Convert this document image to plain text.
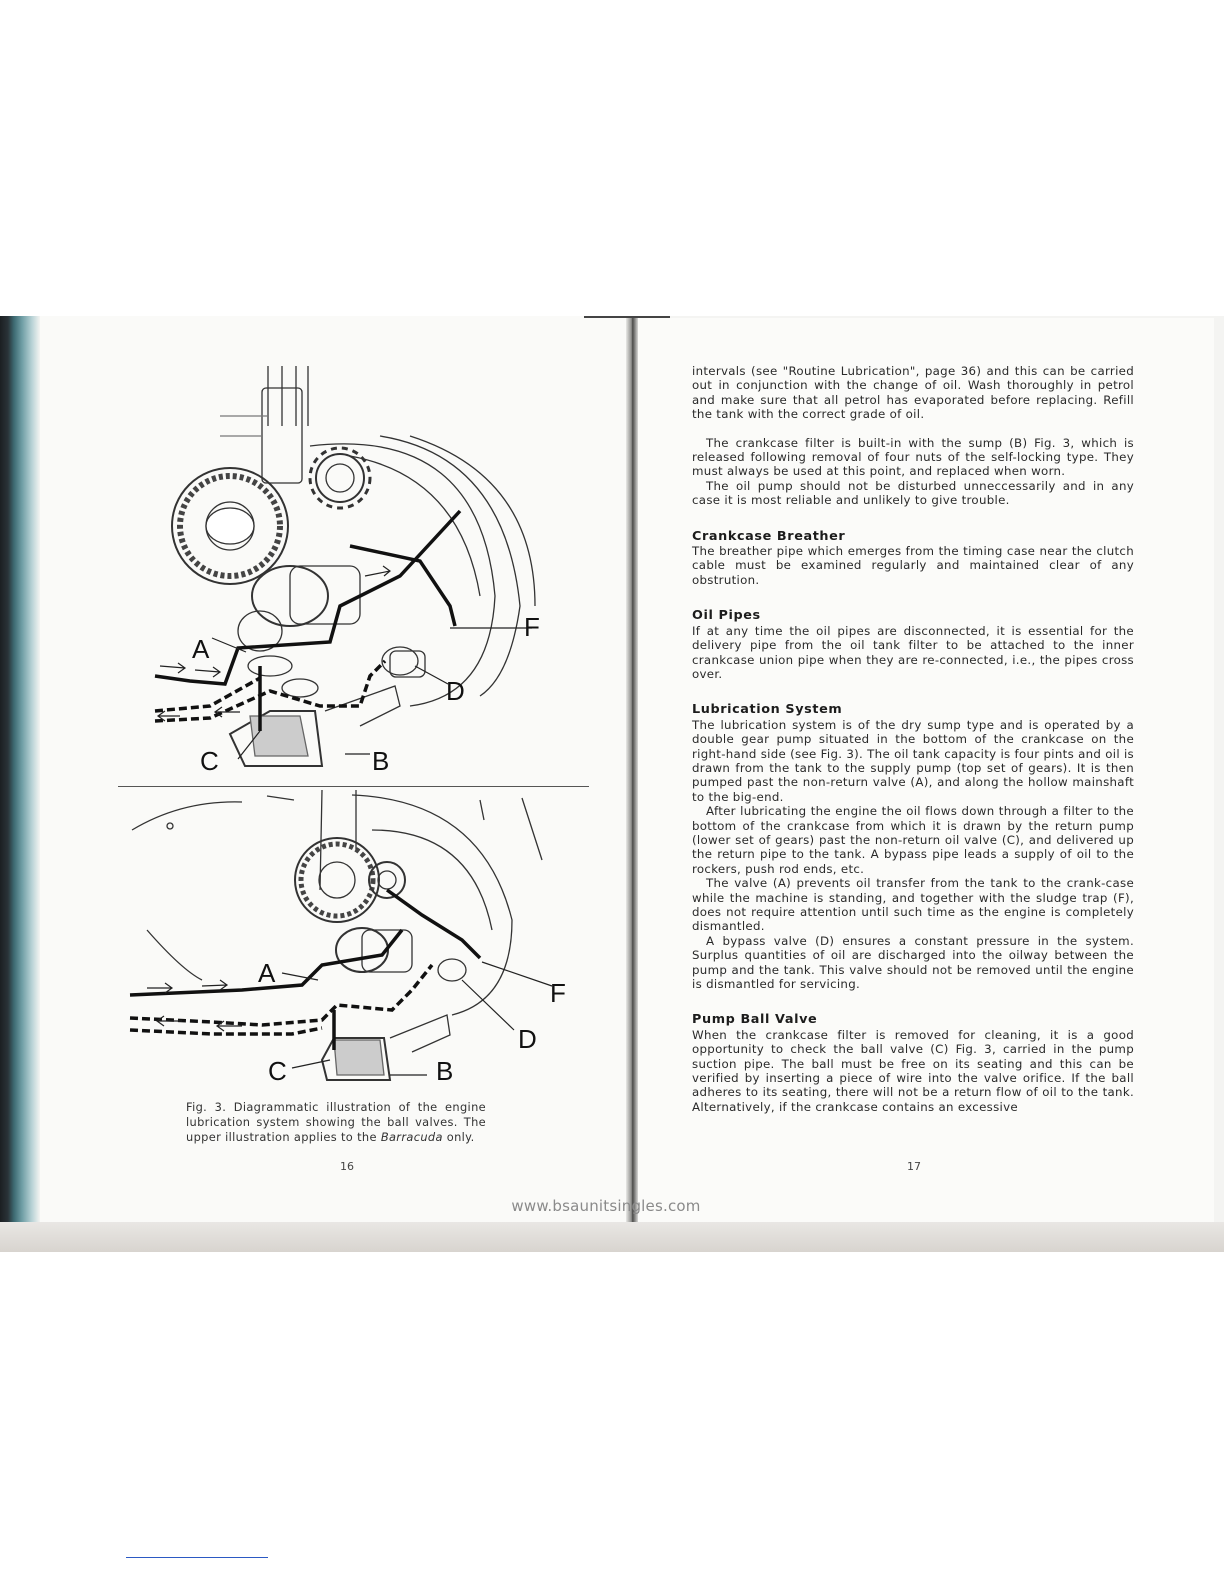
A
F
D
C	B
A
F
D
C	B
Fig. 3. Diagrammatic illustration of the engine lubrication system showing the ball valves. The upper illustration applies to the Barracuda only.
16	17

intervals (see "Routine Lubrication", page 36) and this can be carried out in conjunction with the change of oil. Wash thoroughly in petrol and make sure that all petrol has evaporated before replacing. Refill the tank with the correct grade of oil.

The crankcase filter is built-in with the sump (B) Fig. 3, which is released following removal of four nuts of the self-locking type. They must always be used at this point, and replaced when worn.

The oil pump should not be disturbed unneccessarily and in any case it is most reliable and unlikely to give trouble.

Crankcase Breather

The breather pipe which emerges from the timing case near the clutch cable must be examined regularly and maintained clear of any obstrution.

Oil Pipes

If at any time the oil pipes are disconnected, it is essential for the delivery pipe from the oil tank filter to be attached to the inner crankcase union pipe when they are re-connected, i.e., the pipes cross over.

Lubrication System

The lubrication system is of the dry sump type and is operated by a double gear pump situated in the bottom of the crankcase on the right-hand side (see Fig. 3). The oil tank capacity is four pints and oil is drawn from the tank to the supply pump (top set of gears). It is then pumped past the non-return valve (A), and along the hollow mainshaft to the big-end.

After lubricating the engine the oil flows down through a filter to the bottom of the crankcase from which it is drawn by the return pump (lower set of gears) past the non-return oil valve (C), and delivered up the return pipe to the tank. A bypass pipe leads a supply of oil to the rockers, push rod ends, etc.

The valve (A) prevents oil transfer from the tank to the crank-case while the machine is standing, and together with the sludge trap (F), does not require attention until such time as the engine is completely dismantled.

A bypass valve (D) ensures a constant pressure in the system. Surplus quantities of oil are discharged into the oilway between the pump and the tank. This valve should not be removed until the engine is dismantled for servicing.

Pump Ball Valve

When the crankcase filter is removed for cleaning, it is a good opportunity to check the ball valve (C) Fig. 3, carried in the pump suction pipe. The ball must be free on its seating and this can be verified by inserting a piece of wire into the valve orifice. If the ball adheres to its seating, there will not be a return flow of oil to the tank. Alternatively, if the crankcase contains an excessive

www.bsaunitsingles.com
